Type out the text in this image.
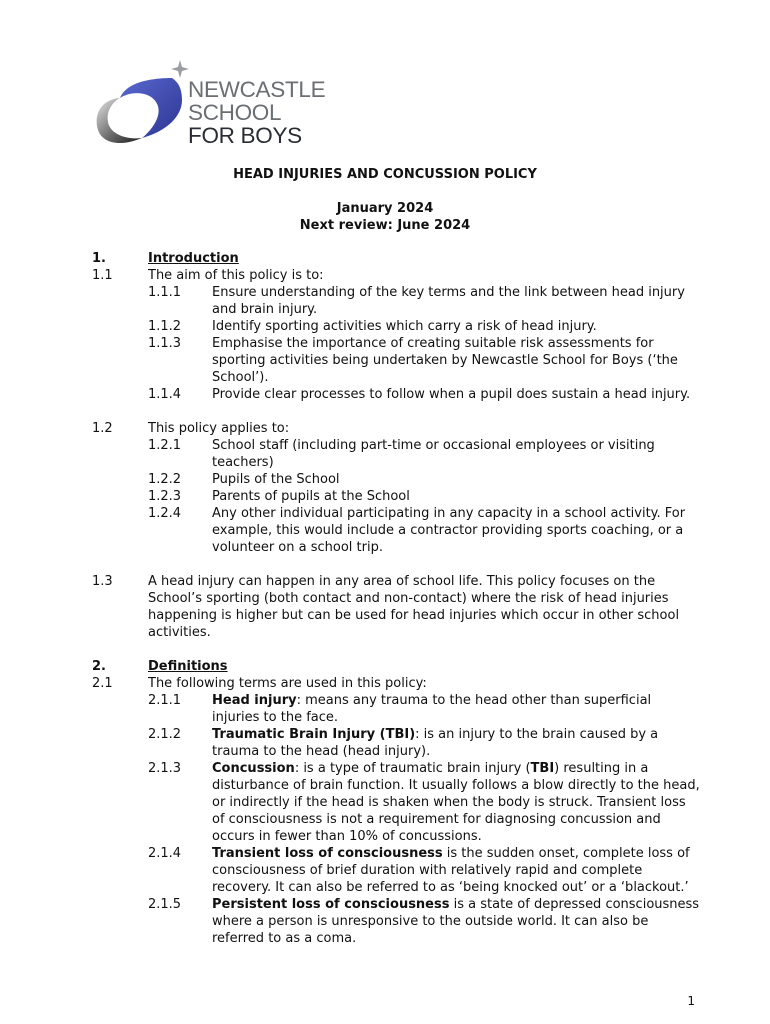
NEWCASTLE
SCHOOL
FOR BOYS
HEAD INJURIES AND CONCUSSION POLICY
January 2024
Next review: June 2024
1.	Introduction
1.1	The aim of this policy is to:
1.1.1	Ensure understanding of the key terms and the link between head injury and brain injury.
1.1.2	Identify sporting activities which carry a risk of head injury.
1.1.3	Emphasise the importance of creating suitable risk assessments for sporting activities being undertaken by Newcastle School for Boys (‘the School’).
1.1.4	Provide clear processes to follow when a pupil does sustain a head injury.
1.2	This policy applies to:
1.2.1	School staff (including part-time or occasional employees or visiting teachers)
1.2.2	Pupils of the School
1.2.3	Parents of pupils at the School
1.2.4	Any other individual participating in any capacity in a school activity. For example, this would include a contractor providing sports coaching, or a volunteer on a school trip.
1.3	A head injury can happen in any area of school life. This policy focuses on the School’s sporting (both contact and non-contact) where the risk of head injuries happening is higher but can be used for head injuries which occur in other school activities.
2.	Definitions
2.1	The following terms are used in this policy:
2.1.1	Head injury: means any trauma to the head other than superficial injuries to the face.
2.1.2	Traumatic Brain Injury (TBI): is an injury to the brain caused by a trauma to the head (head injury).
2.1.3	Concussion: is a type of traumatic brain injury (TBI) resulting in a disturbance of brain function. It usually follows a blow directly to the head, or indirectly if the head is shaken when the body is struck. Transient loss of consciousness is not a requirement for diagnosing concussion and occurs in fewer than 10% of concussions.
2.1.4	Transient loss of consciousness is the sudden onset, complete loss of consciousness of brief duration with relatively rapid and complete recovery. It can also be referred to as ‘being knocked out’ or a ‘blackout.’
2.1.5	Persistent loss of consciousness is a state of depressed consciousness where a person is unresponsive to the outside world. It can also be referred to as a coma.
1
